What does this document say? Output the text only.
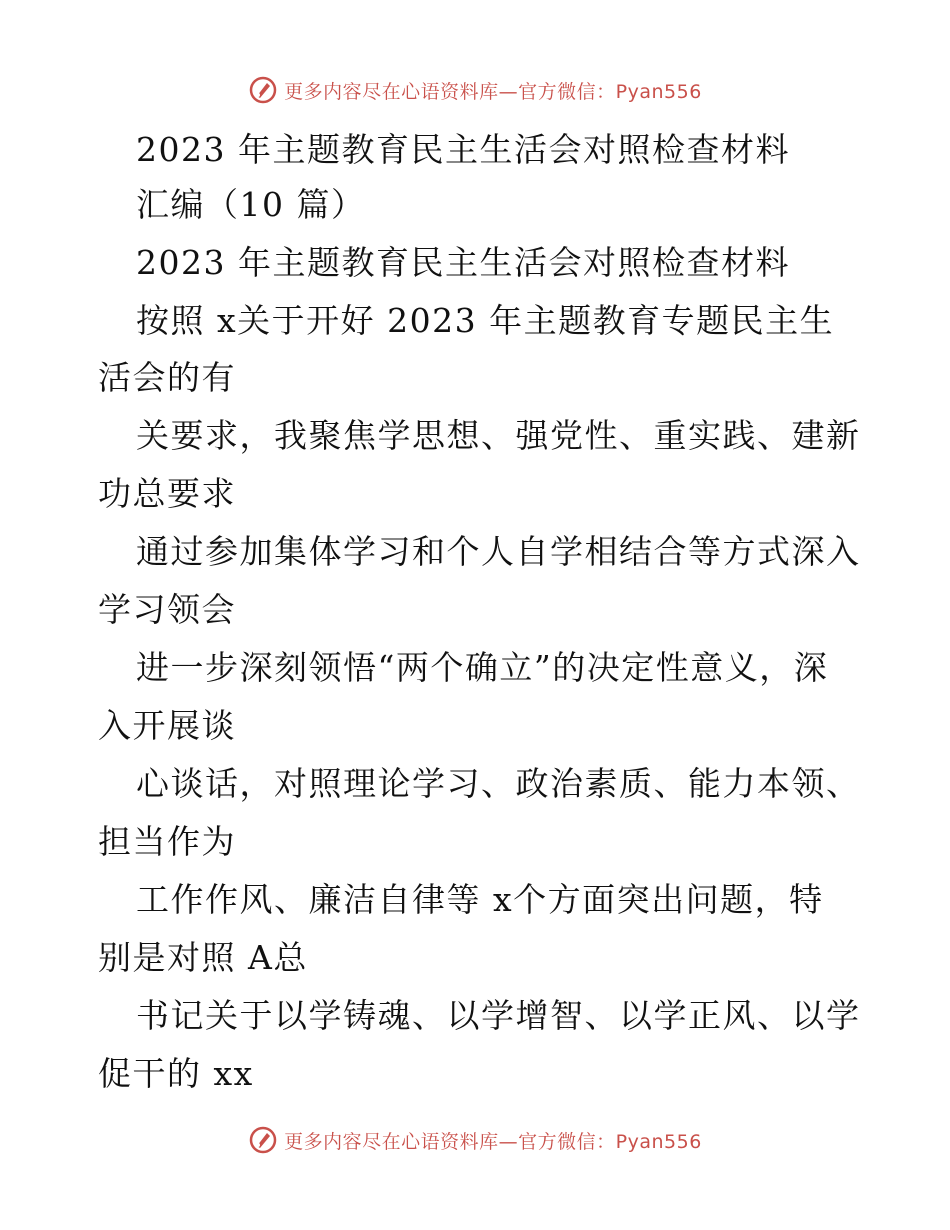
更多内容尽在心语资料库—官方微信：Pyan556
2023 年主题教育民主生活会对照检查材料
汇编（10 篇）
2023 年主题教育民主生活会对照检查材料
按照 x关于开好 2023 年主题教育专题民主生
活会的有
关要求，我聚焦学思想、强党性、重实践、建新
功总要求
通过参加集体学习和个人自学相结合等方式深入
学习领会
进一步深刻领悟“两个确立”的决定性意义，深
入开展谈
心谈话，对照理论学习、政治素质、能力本领、
担当作为
工作作风、廉洁自律等 x个方面突出问题，特
别是对照 A总
书记关于以学铸魂、以学增智、以学正风、以学
促干的 xx
更多内容尽在心语资料库—官方微信：Pyan556
